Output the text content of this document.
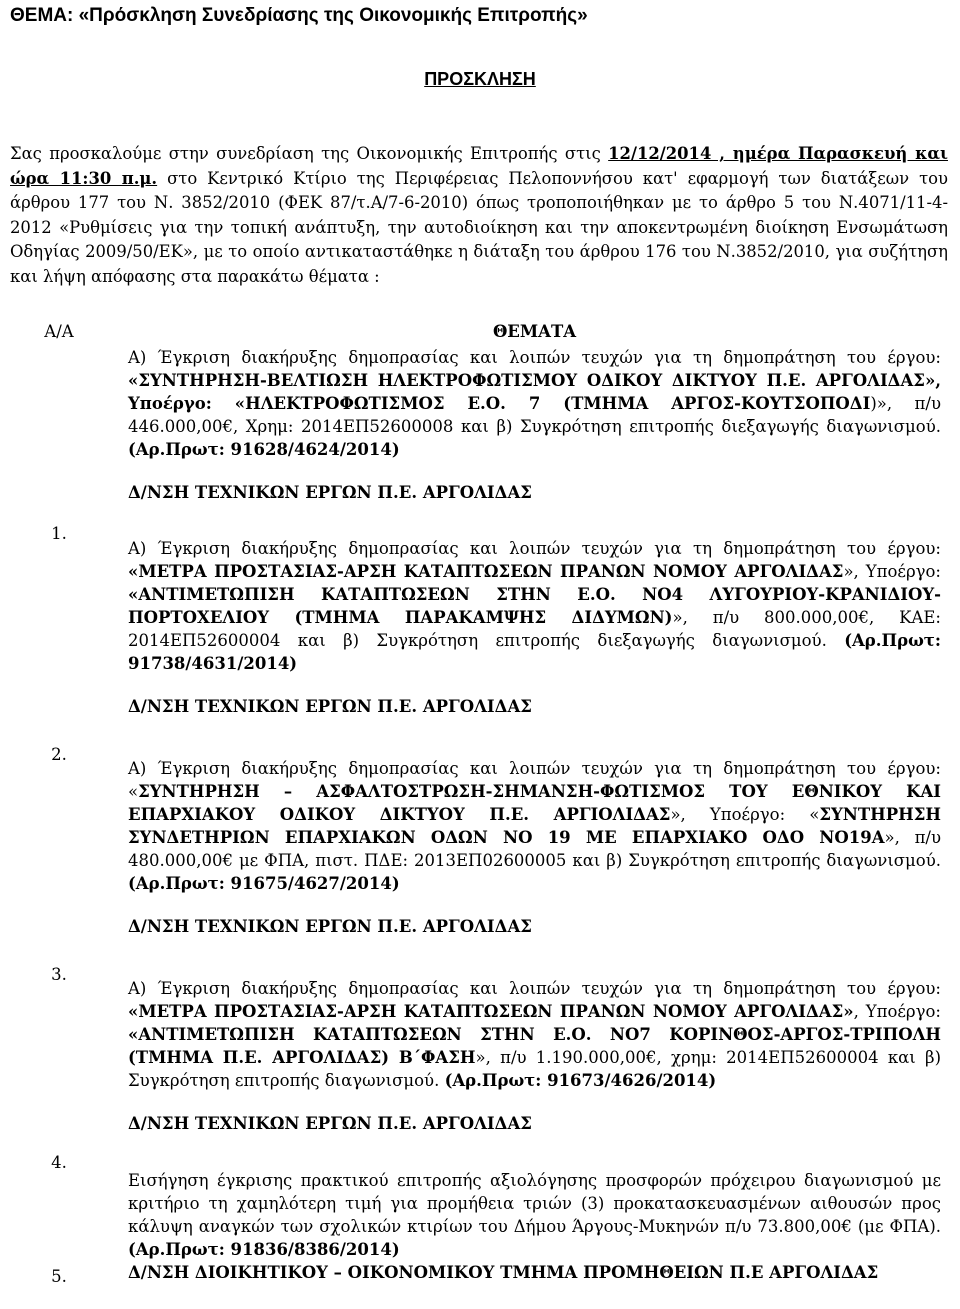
ΘΕΜΑ: «Πρόσκληση Συνεδρίασης της Οικονομικής Επιτροπής»
ΠΡΟΣΚΛΗΣΗ
Σας προσκαλούμε στην συνεδρίαση της Οικονομικής Επιτροπής στις 12/12/2014 , ημέρα Παρασκευή και ώρα 11:30 π.μ. στο Κεντρικό Κτίριο της Περιφέρειας Πελοποννήσου κατ' εφαρμογή των διατάξεων του άρθρου 177 του Ν. 3852/2010 (ΦΕΚ 87/τ.Α/7-6-2010) όπως τροποποιήθηκαν με το άρθρο 5 του Ν.4071/11-4-2012 «Ρυθμίσεις για την τοπική ανάπτυξη, την αυτοδιοίκηση και την αποκεντρωμένη διοίκηση Ενσωμάτωση Οδηγίας 2009/50/ΕΚ», με το οποίο αντικαταστάθηκε η διάταξη του άρθρου 176 του Ν.3852/2010, για συζήτηση και λήψη απόφασης στα παρακάτω θέματα :
Α/Α	ΘΕΜΑΤΑ

1.	Α) Έγκριση διακήρυξης δημοπρασίας και λοιπών τευχών για τη δημοπράτηση του έργου: «ΣΥΝΤΗΡΗΣΗ-ΒΕΛΤΙΩΣΗ ΗΛΕΚΤΡΟΦΩΤΙΣΜΟΥ ΟΔΙΚΟΥ ΔΙΚΤΥΟΥ Π.Ε. ΑΡΓΟΛΙΔΑΣ», Υποέργο: «ΗΛΕΚΤΡΟΦΩΤΙΣΜΟΣ Ε.Ο. 7 (ΤΜΗΜΑ ΑΡΓΟΣ-ΚΟΥΤΣΟΠΟΔΙ)», π/υ 446.000,00€, Χρημ: 2014ΕΠ52600008 και β) Συγκρότηση επιτροπής διεξαγωγής διαγωνισμού. (Αρ.Πρωτ: 91628/4624/2014)
Δ/ΝΣΗ ΤΕΧΝΙΚΩΝ ΕΡΓΩΝ Π.Ε. ΑΡΓΟΛΙΔΑΣ

2.	Α) Έγκριση διακήρυξης δημοπρασίας και λοιπών τευχών για τη δημοπράτηση του έργου: «ΜΕΤΡΑ ΠΡΟΣΤΑΣΙΑΣ-ΑΡΣΗ ΚΑΤΑΠΤΩΣΕΩΝ ΠΡΑΝΩΝ ΝΟΜΟΥ ΑΡΓΟΛΙΔΑΣ», Υποέργο: «ΑΝΤΙΜΕΤΩΠΙΣΗ ΚΑΤΑΠΤΩΣΕΩΝ ΣΤΗΝ Ε.Ο. ΝΟ4 ΛΥΓΟΥΡΙΟΥ-ΚΡΑΝΙΔΙΟΥ-ΠΟΡΤΟΧΕΛΙΟΥ (ΤΜΗΜΑ ΠΑΡΑΚΑΜΨΗΣ ΔΙΔΥΜΩΝ)», π/υ 800.000,00€, ΚΑΕ: 2014ΕΠ52600004 και β) Συγκρότηση επιτροπής διεξαγωγής διαγωνισμού. (Αρ.Πρωτ: 91738/4631/2014)
Δ/ΝΣΗ ΤΕΧΝΙΚΩΝ ΕΡΓΩΝ Π.Ε. ΑΡΓΟΛΙΔΑΣ

3.	Α) Έγκριση διακήρυξης δημοπρασίας και λοιπών τευχών για τη δημοπράτηση του έργου: «ΣΥΝΤΗΡΗΣΗ – ΑΣΦΑΛΤΟΣΤΡΩΣΗ-ΣΗΜΑΝΣΗ-ΦΩΤΙΣΜΟΣ ΤΟΥ ΕΘΝΙΚΟΥ ΚΑΙ ΕΠΑΡΧΙΑΚΟΥ ΟΔΙΚΟΥ ΔΙΚΤΥΟΥ Π.Ε. ΑΡΓΙΟΛΙΔΑΣ», Υποέργο: «ΣΥΝΤΗΡΗΣΗ ΣΥΝΔΕΤΗΡΙΩΝ ΕΠΑΡΧΙΑΚΩΝ ΟΔΩΝ ΝΟ 19 ΜΕ ΕΠΑΡΧΙΑΚΟ ΟΔΟ ΝΟ19Α», π/υ 480.000,00€ με ΦΠΑ, πιστ. ΠΔΕ: 2013ΕΠ02600005 και β) Συγκρότηση επιτροπής διαγωνισμού. (Αρ.Πρωτ: 91675/4627/2014)
Δ/ΝΣΗ ΤΕΧΝΙΚΩΝ ΕΡΓΩΝ Π.Ε. ΑΡΓΟΛΙΔΑΣ

4.	Α) Έγκριση διακήρυξης δημοπρασίας και λοιπών τευχών για τη δημοπράτηση του έργου: «ΜΕΤΡΑ ΠΡΟΣΤΑΣΙΑΣ-ΑΡΣΗ ΚΑΤΑΠΤΩΣΕΩΝ ΠΡΑΝΩΝ ΝΟΜΟΥ ΑΡΓΟΛΙΔΑΣ», Υποέργο: «ΑΝΤΙΜΕΤΩΠΙΣΗ ΚΑΤΑΠΤΩΣΕΩΝ ΣΤΗΝ Ε.Ο. ΝΟ7 ΚΟΡΙΝΘΟΣ-ΑΡΓΟΣ-ΤΡΙΠΟΛΗ (ΤΜΗΜΑ Π.Ε. ΑΡΓΟΛΙΔΑΣ) Β΄ΦΑΣΗ», π/υ 1.190.000,00€, χρημ: 2014ΕΠ52600004 και β) Συγκρότηση επιτροπής διαγωνισμού. (Αρ.Πρωτ: 91673/4626/2014)
Δ/ΝΣΗ ΤΕΧΝΙΚΩΝ ΕΡΓΩΝ Π.Ε. ΑΡΓΟΛΙΔΑΣ

5.	Εισήγηση έγκρισης πρακτικού επιτροπής αξιολόγησης προσφορών πρόχειρου διαγωνισμού με κριτήριο τη χαμηλότερη τιμή για προμήθεια τριών (3) προκατασκευασμένων αιθουσών προς κάλυψη αναγκών των σχολικών κτιρίων του Δήμου Άργους-Μυκηνών π/υ 73.800,00€ (με ΦΠΑ). (Αρ.Πρωτ: 91836/8386/2014)
Δ/ΝΣΗ ΔΙΟΙΚΗΤΙΚΟΥ – ΟΙΚΟΝΟΜΙΚΟΥ ΤΜΗΜΑ ΠΡΟΜΗΘΕΙΩΝ Π.Ε ΑΡΓΟΛΙΔΑΣ
